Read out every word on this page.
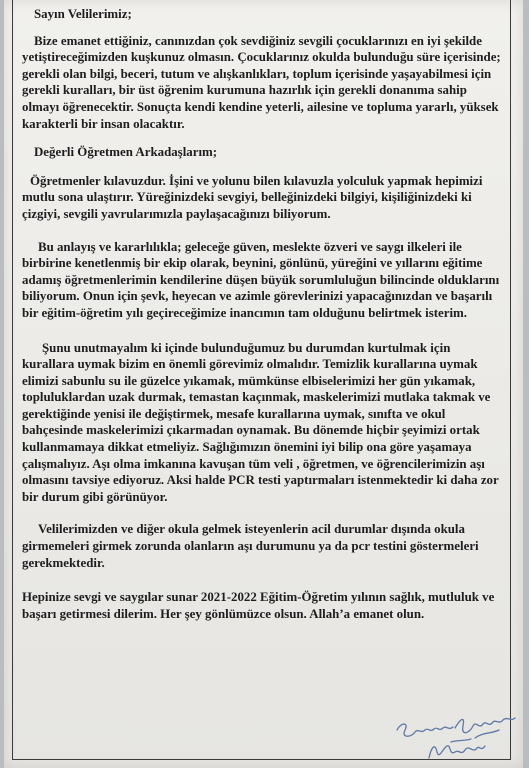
Sayın Velilerimiz;

Bize emanet ettiğiniz, canınızdan çok sevdiğiniz sevgili çocuklarınızı en iyi şekilde yetiştireceğimizden kuşkunuz olmasın. Çocuklarınız okulda bulunduğu süre içerisinde; gerekli olan bilgi, beceri, tutum ve alışkanlıkları, toplum içerisinde yaşayabilmesi için gerekli kuralları, bir üst öğrenim kurumuna hazırlık için gerekli donanıma sahip olmayı öğrenecektir. Sonuçta kendi kendine yeterli, ailesine ve topluma yararlı, yüksek karakterli bir insan olacaktır.

Değerli Öğretmen Arkadaşlarım;

Öğretmenler kılavuzdur. İşini ve yolunu bilen kılavuzla yolculuk yapmak hepimizi mutlu sona ulaştırır. Yüreğinizdeki sevgiyi, belleğinizdeki bilgiyi, kişiliğinizdeki ki çizgiyi, sevgili yavrularımızla paylaşacağınızı biliyorum.

Bu anlayış ve kararlılıkla; geleceğe güven, meslekte özveri ve saygı ilkeleri ile birbirine kenetlenmiş bir ekip olarak, beynini, gönlünü, yüreğini ve yıllarını eğitime adamış öğretmenlerimin kendilerine düşen büyük sorumluluğun bilincinde olduklarını biliyorum. Onun için şevk, heyecan ve azimle görevlerinizi yapacağınızdan ve başarılı bir eğitim-öğretim yılı geçireceğimize inancımın tam olduğunu belirtmek isterim.

Şunu unutmayalım ki içinde bulunduğumuz bu durumdan kurtulmak için kurallara uymak bizim en önemli görevimiz olmalıdır. Temizlik kurallarına uymak elimizi sabunlu su ile güzelce yıkamak, mümkünse elbiselerimizi her gün yıkamak, topluluklardan uzak durmak, temastan kaçınmak, maskelerimizi mutlaka takmak ve gerektiğinde yenisi ile değiştirmek, mesafe kurallarına uymak, sınıfta ve okul bahçesinde maskelerimizi çıkarmadan oynamak. Bu dönemde hiçbir şeyimizi ortak kullanmamaya dikkat etmeliyiz. Sağlığımızın önemini iyi bilip ona göre yaşamaya çalışmalıyız. Aşı olma imkanına kavuşan tüm veli , öğretmen, ve öğrencilerimizin aşı olmasını tavsiye ediyoruz. Aksi halde PCR testi yaptırmaları istenmektedir ki daha zor bir durum gibi görünüyor.

Velilerimizden ve diğer okula gelmek isteyenlerin acil durumlar dışında okula girmemeleri girmek zorunda olanların aşı durumunu ya da pcr testini göstermeleri gerekmektedir.

Hepinize sevgi ve saygılar sunar 2021-2022 Eğitim-Öğretim yılının sağlık, mutluluk ve başarı getirmesi dilerim. Her şey gönlümüzce olsun. Allah’a emanet olun.
